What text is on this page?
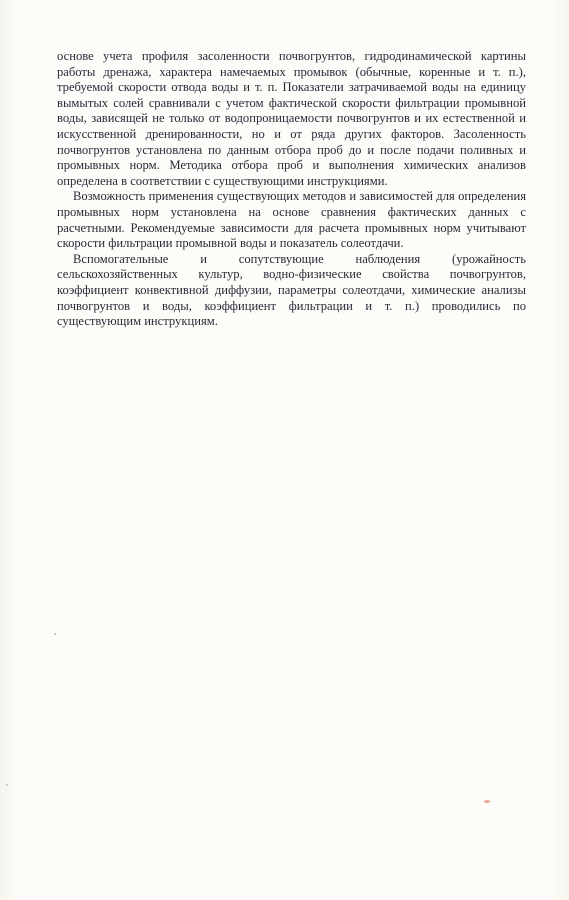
основе учета профиля засоленности почвогрунтов, гидродинамической картины работы дренажа, характера намечаемых промывок (обычные, коренные и т. п.), требуемой скорости отвода воды и т. п. Показатели затрачиваемой воды на единицу вымытых солей сравнивали с учетом фактической скорости фильтрации промывной воды, зависящей не только от водопроницаемости почвогрунтов и их естественной и искусственной дренированности, но и от ряда других факторов. Засоленность почвогрунтов установлена по данным отбора проб до и после подачи поливных и промывных норм. Методика отбора проб и выполнения химических анализов определена в соответствии с существующими инструкциями.

Возможность применения существующих методов и зависимостей для определения промывных норм установлена на основе сравнения фактических данных с расчетными. Рекомендуемые зависимости для расчета промывных норм учитывают скорости фильтрации промывной воды и показатель солеотдачи.

Вспомогательные и сопутствующие наблюдения (урожайность сельскохозяйственных культур, водно-физические свойства почвогрунтов, коэффициент конвективной диффузии, параметры солеотдачи, химические анализы почвогрунтов и воды, коэффициент фильтрации и т. п.) проводились по существующим инструкциям.
